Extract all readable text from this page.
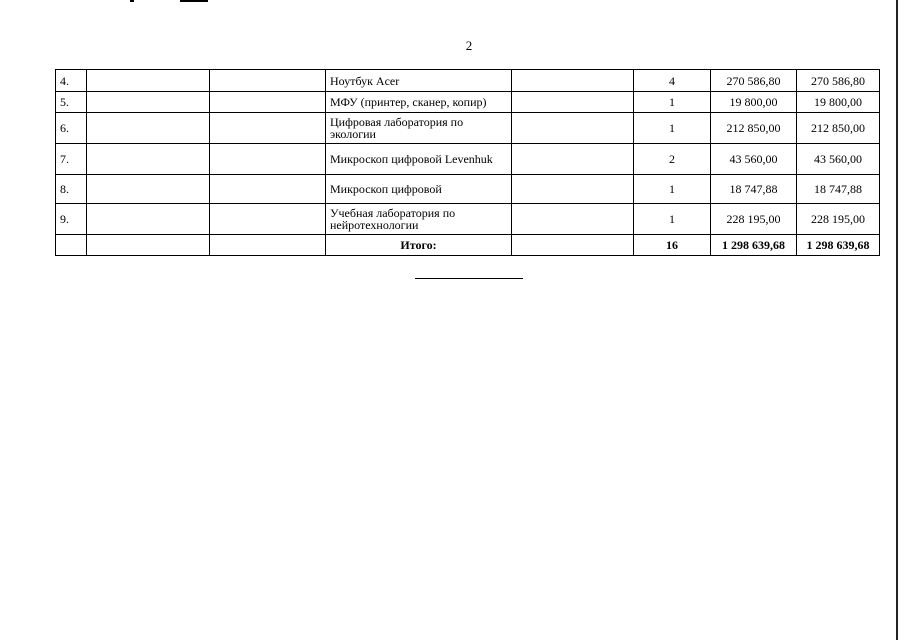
2
4.			Ноутбук Acer		4	270 586,80	270 586,80
5.			МФУ (принтер, сканер, копир)		1	19 800,00	19 800,00
6.			Цифровая лаборатория по экологии		1	212 850,00	212 850,00
7.			Микроскоп цифровой Levenhuk		2	43 560,00	43 560,00
8.			Микроскоп цифровой		1	18 747,88	18 747,88
9.			Учебная лаборатория по нейротехнологии		1	228 195,00	228 195,00
			Итого:		16	1 298 639,68	1 298 639,68
